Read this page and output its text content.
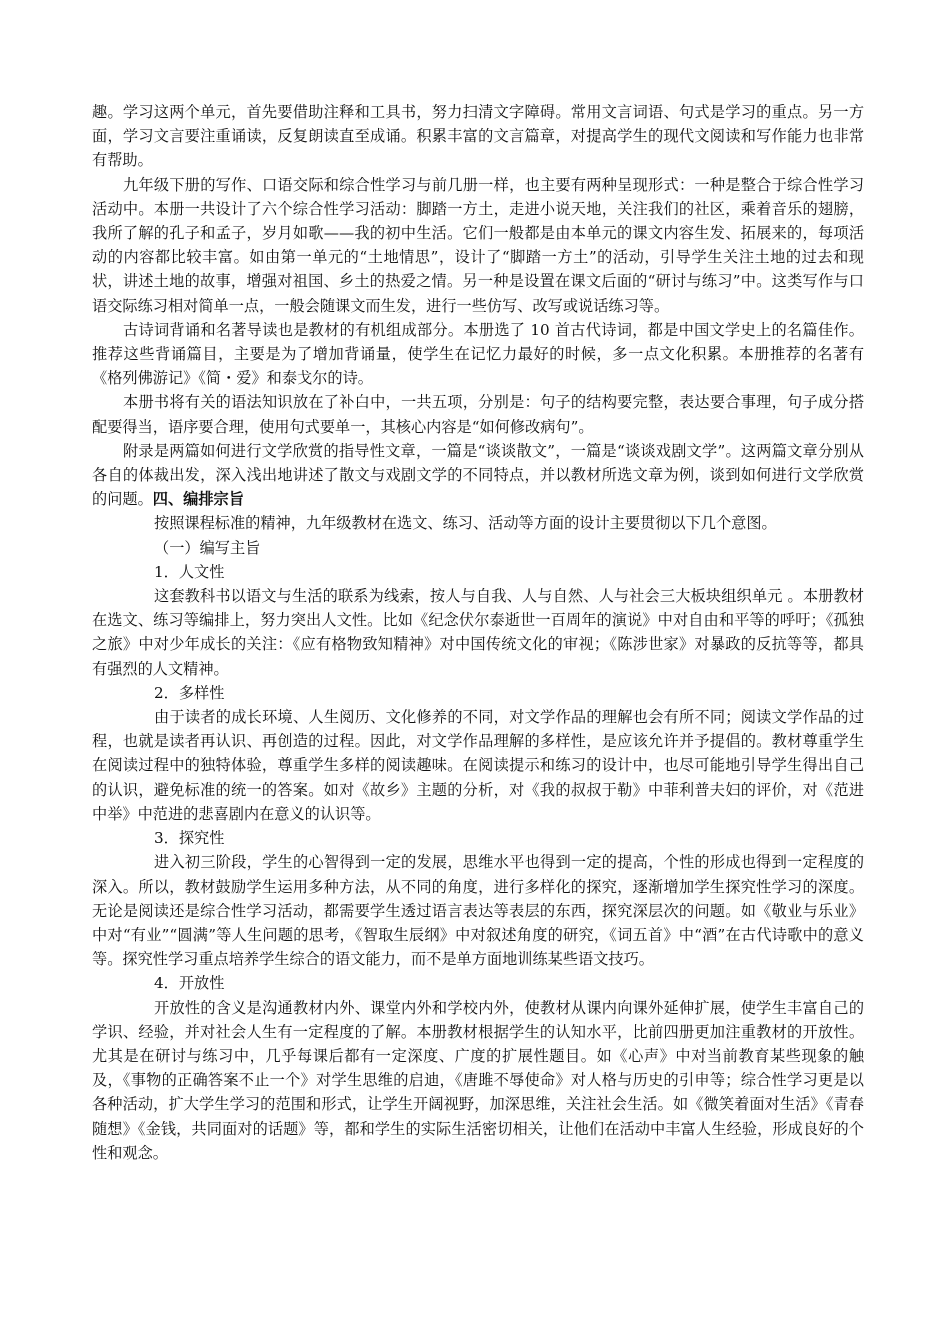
趣。学习这两个单元，首先要借助注释和工具书，努力扫清文字障碍。常用文言词语、句式是学习的重点。另一方面，学习文言要注重诵读，反复朗读直至成诵。积累丰富的文言篇章，对提高学生的现代文阅读和写作能力也非常有帮助。

九年级下册的写作、口语交际和综合性学习与前几册一样，也主要有两种呈现形式：一种是整合于综合性学习活动中。本册一共设计了六个综合性学习活动：脚踏一方土，走进小说天地，关注我们的社区，乘着音乐的翅膀，我所了解的孔子和孟子，岁月如歌——我的初中生活。它们一般都是由本单元的课文内容生发、拓展来的，每项活动的内容都比较丰富。如由第一单元的“土地情思”，设计了“脚踏一方土”的活动，引导学生关注土地的过去和现状，讲述土地的故事，增强对祖国、乡土的热爱之情。另一种是设置在课文后面的“研讨与练习”中。这类写作与口语交际练习相对简单一点，一般会随课文而生发，进行一些仿写、改写或说话练习等。

古诗词背诵和名著导读也是教材的有机组成部分。本册选了 10 首古代诗词，都是中国文学史上的名篇佳作。推荐这些背诵篇目，主要是为了增加背诵量，使学生在记忆力最好的时候，多一点文化积累。本册推荐的名著有《格列佛游记》《简・爱》和泰戈尔的诗。

本册书将有关的语法知识放在了补白中，一共五项，分别是：句子的结构要完整，表达要合事理，句子成分搭配要得当，语序要合理，使用句式要单一，其核心内容是“如何修改病句”。

附录是两篇如何进行文学欣赏的指导性文章，一篇是“谈谈散文”，一篇是“谈谈戏剧文学”。这两篇文章分别从各自的体裁出发，深入浅出地讲述了散文与戏剧文学的不同特点，并以教材所选文章为例，谈到如何进行文学欣赏的问题。四、编排宗旨

按照课程标准的精神，九年级教材在选文、练习、活动等方面的设计主要贯彻以下几个意图。

（一）编写主旨

1．人文性

这套教科书以语文与生活的联系为线索，按人与自我、人与自然、人与社会三大板块组织单元 。本册教材在选文、练习等编排上，努力突出人文性。比如《纪念伏尔泰逝世一百周年的演说》中对自由和平等的呼吁；《孤独之旅》中对少年成长的关注：《应有格物致知精神》对中国传统文化的审视；《陈涉世家》对暴政的反抗等等，都具有强烈的人文精神。

2．多样性

由于读者的成长环境、人生阅历、文化修养的不同，对文学作品的理解也会有所不同；阅读文学作品的过程，也就是读者再认识、再创造的过程。因此，对文学作品理解的多样性，是应该允许并予提倡的。教材尊重学生在阅读过程中的独特体验，尊重学生多样的阅读趣味。在阅读提示和练习的设计中，也尽可能地引导学生得出自己的认识，避免标准的统一的答案。如对《故乡》主题的分析，对《我的叔叔于勒》中菲利普夫妇的评价，对《范进中举》中范进的悲喜剧内在意义的认识等。

3．探究性

进入初三阶段，学生的心智得到一定的发展，思维水平也得到一定的提高，个性的形成也得到一定程度的深入。所以，教材鼓励学生运用多种方法，从不同的角度，进行多样化的探究，逐渐增加学生探究性学习的深度。无论是阅读还是综合性学习活动，都需要学生透过语言表达等表层的东西，探究深层次的问题。如《敬业与乐业》中对“有业”“圆满”等人生问题的思考，《智取生辰纲》中对叙述角度的研究，《词五首》中“酒”在古代诗歌中的意义等。探究性学习重点培养学生综合的语文能力，而不是单方面地训练某些语文技巧。

4．开放性

开放性的含义是沟通教材内外、课堂内外和学校内外，使教材从课内向课外延伸扩展，使学生丰富自己的学识、经验，并对社会人生有一定程度的了解。本册教材根据学生的认知水平，比前四册更加注重教材的开放性。尤其是在研讨与练习中，几乎每课后都有一定深度、广度的扩展性题目。如《心声》中对当前教育某些现象的触及，《事物的正确答案不止一个》对学生思维的启迪，《唐雎不辱使命》对人格与历史的引申等；综合性学习更是以各种活动，扩大学生学习的范围和形式，让学生开阔视野，加深思维，关注社会生活。如《微笑着面对生活》《青春随想》《金钱，共同面对的话题》等，都和学生的实际生活密切相关，让他们在活动中丰富人生经验，形成良好的个性和观念。
